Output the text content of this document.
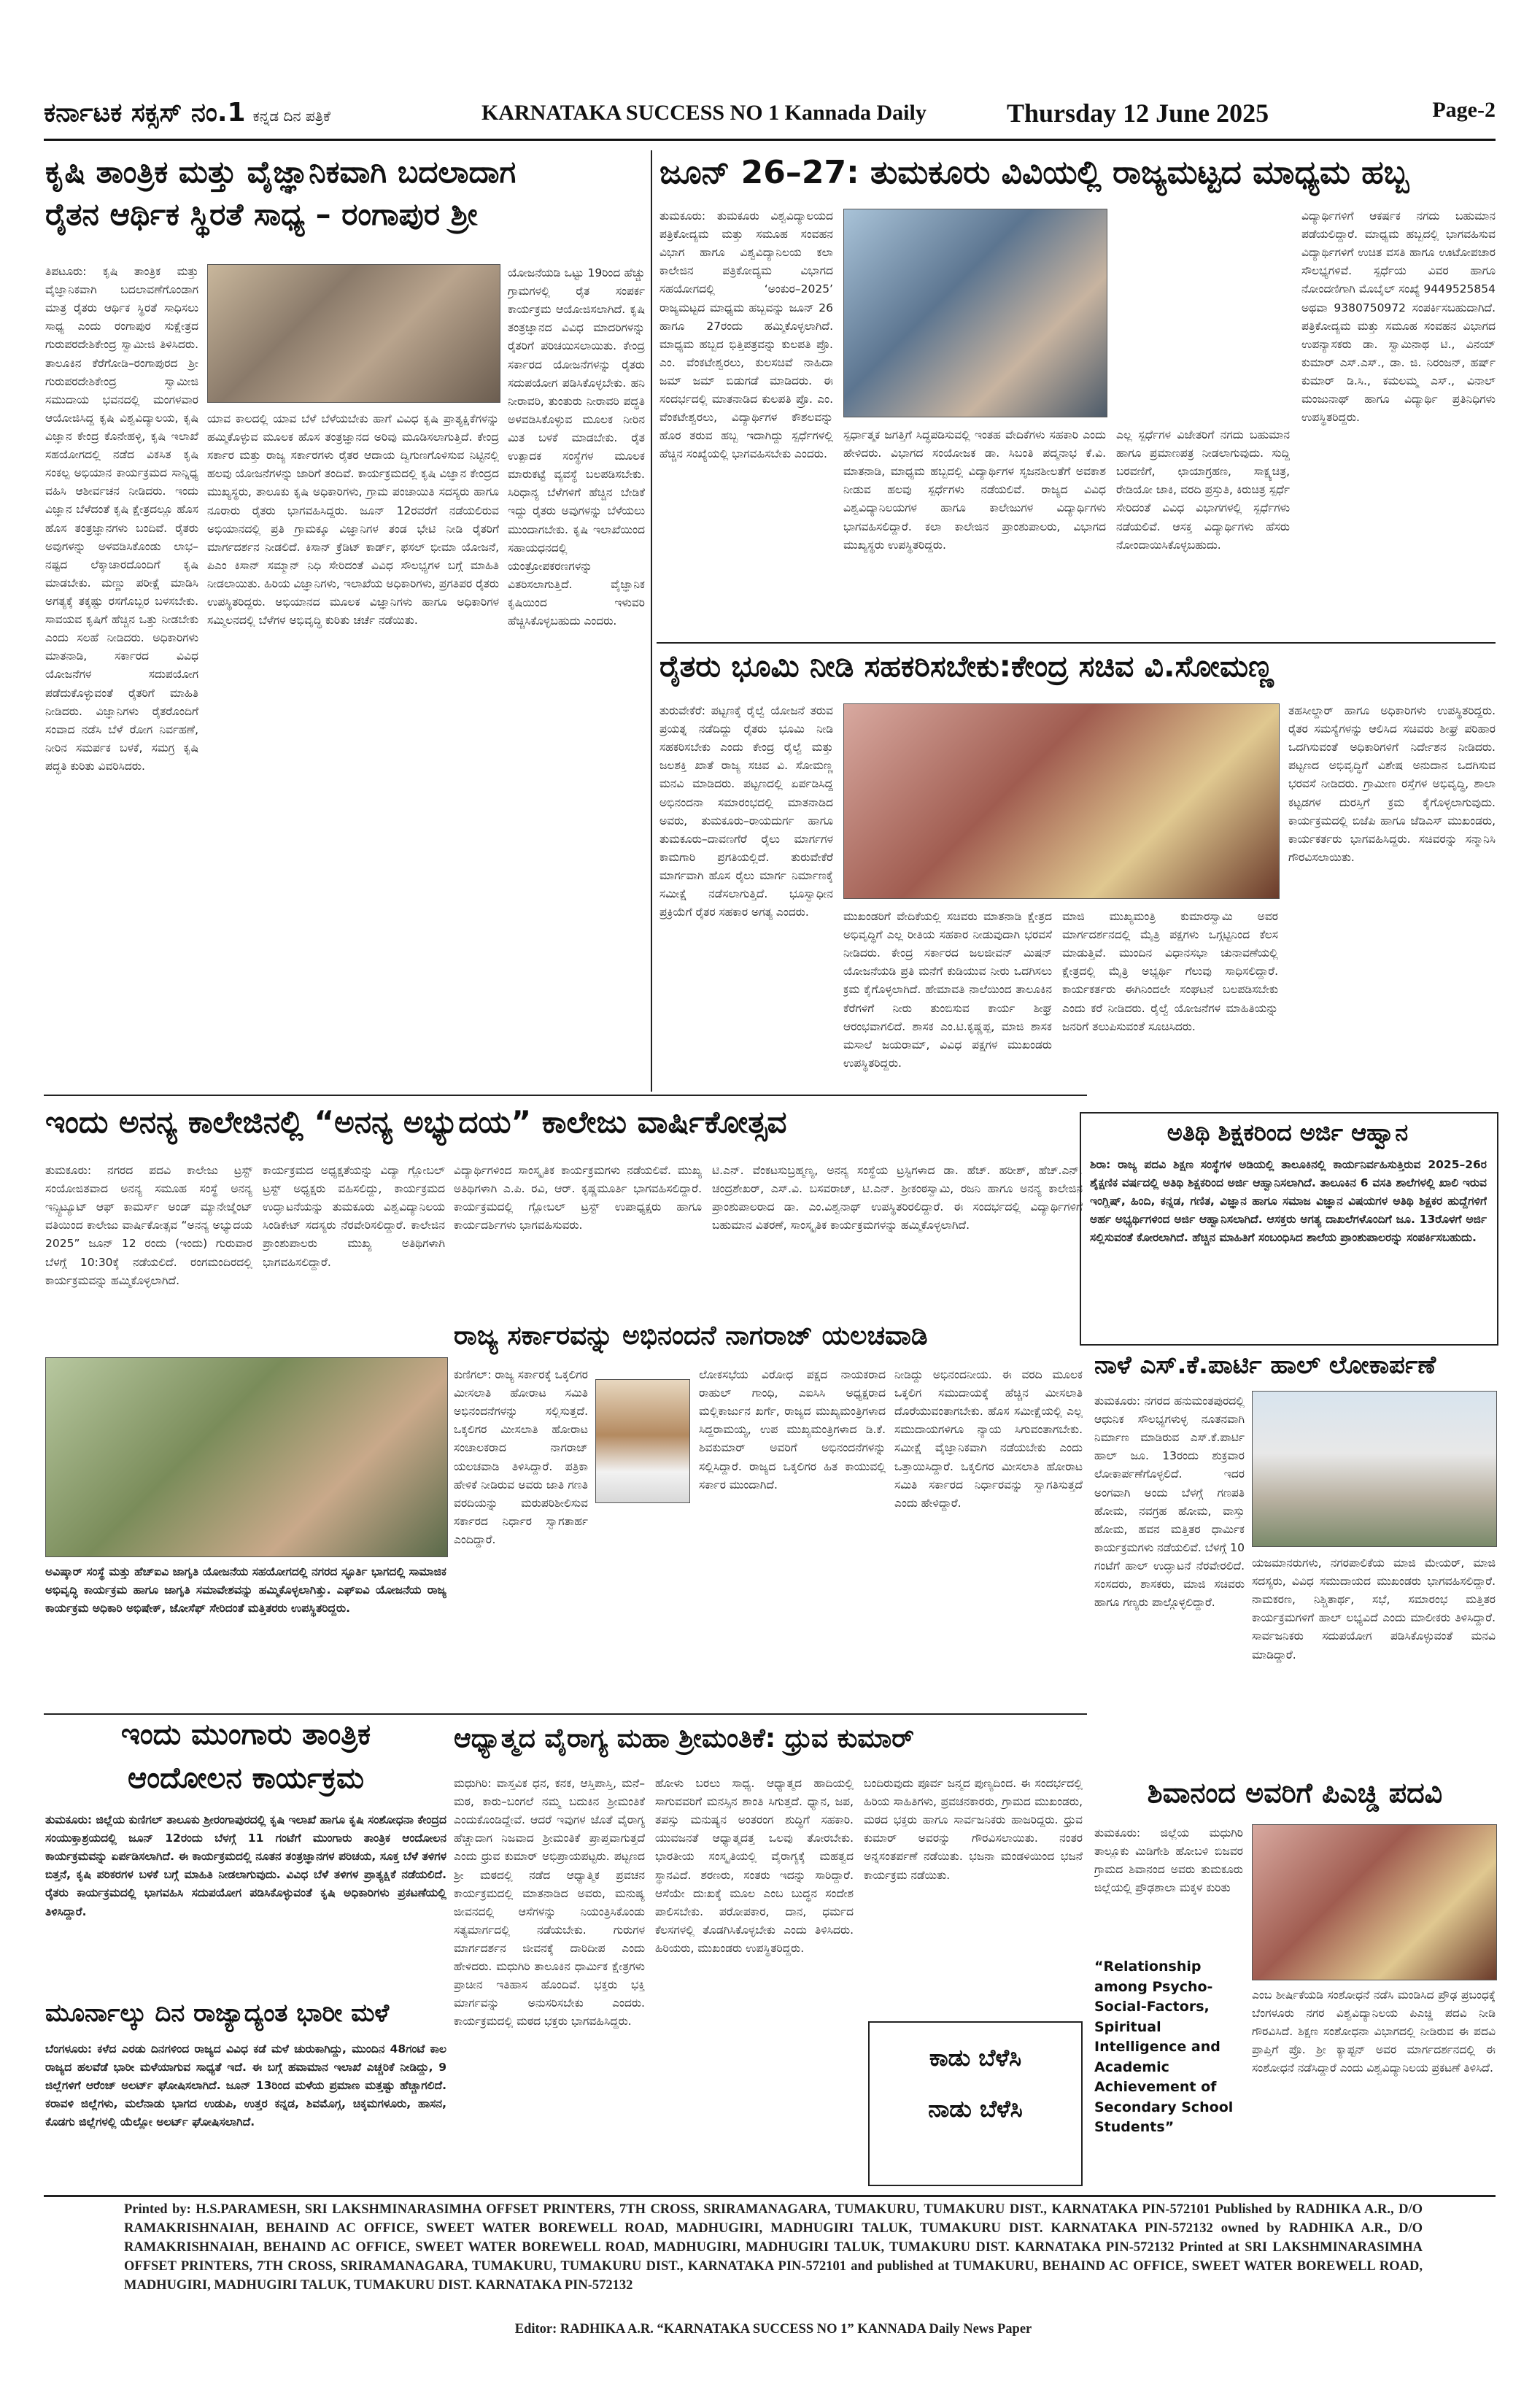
ಕರ್ನಾಟಕ ಸಕ್ಸಸ್ ನಂ.1 ಕನ್ನಡ ದಿನ ಪತ್ರಿಕೆ	KARNATAKA SUCCESS NO 1 Kannada Daily	Thursday 12 June 2025	Page-2
ಕೃಷಿ ತಾಂತ್ರಿಕ ಮತ್ತು ವೈಜ್ಞಾನಿಕವಾಗಿ ಬದಲಾದಾಗ
ರೈತನ ಆರ್ಥಿಕ ಸ್ಥಿರತೆ ಸಾಧ್ಯ – ರಂಗಾಪುರ ಶ್ರೀ
ತಿಪಟೂರು: ಕೃಷಿ ತಾಂತ್ರಿಕ ಮತ್ತು ವೈಜ್ಞಾನಿಕವಾಗಿ ಬದಲಾವಣೆಗೊಂಡಾಗ ಮಾತ್ರ ರೈತರು ಆರ್ಥಿಕ ಸ್ಥಿರತೆ ಸಾಧಿಸಲು ಸಾಧ್ಯ ಎಂದು ರಂಗಾಪುರ ಸುಕ್ಷೇತ್ರದ ಗುರುಪರದೇಶಿಕೇಂದ್ರ ಸ್ವಾಮೀಜಿ ತಿಳಿಸಿದರು. ತಾಲೂಕಿನ ಕೆರೆಗೋಡಿ–ರಂಗಾಪುರದ ಶ್ರೀ ಗುರುಪರದೇಶಿಕೇಂದ್ರ ಸ್ವಾಮೀಜಿ ಸಮುದಾಯ ಭವನದಲ್ಲಿ ಮಂಗಳವಾರ ಆಯೋಜಿಸಿದ್ದ ಕೃಷಿ ವಿಶ್ವವಿದ್ಯಾಲಯ, ಕೃಷಿ ವಿಜ್ಞಾನ ಕೇಂದ್ರ ಕೊನೇಹಳ್ಳಿ, ಕೃಷಿ ಇಲಾಖೆ ಸಹಯೋಗದಲ್ಲಿ ನಡೆದ ವಿಕಸಿತ ಕೃಷಿ ಸಂಕಲ್ಪ ಅಭಿಯಾನ ಕಾರ್ಯಕ್ರಮದ ಸಾನ್ನಿಧ್ಯ ವಹಿಸಿ ಆಶೀರ್ವಚನ ನೀಡಿದರು. ಇಂದು ವಿಜ್ಞಾನ ಬೆಳೆದಂತೆ ಕೃಷಿ ಕ್ಷೇತ್ರದಲ್ಲೂ ಹೊಸ ಹೊಸ ತಂತ್ರಜ್ಞಾನಗಳು ಬಂದಿವೆ. ರೈತರು ಅವುಗಳನ್ನು ಅಳವಡಿಸಿಕೊಂಡು ಲಾಭ–ನಷ್ಟದ ಲೆಕ್ಕಾಚಾರದೊಂದಿಗೆ ಕೃಷಿ ಮಾಡಬೇಕು. ಮಣ್ಣು ಪರೀಕ್ಷೆ ಮಾಡಿಸಿ ಅಗತ್ಯಕ್ಕೆ ತಕ್ಕಷ್ಟು ರಸಗೊಬ್ಬರ ಬಳಸಬೇಕು. ಸಾವಯವ ಕೃಷಿಗೆ ಹೆಚ್ಚಿನ ಒತ್ತು ನೀಡಬೇಕು ಎಂದು ಸಲಹೆ ನೀಡಿದರು. ಅಧಿಕಾರಿಗಳು ಮಾತನಾಡಿ, ಸರ್ಕಾರದ ವಿವಿಧ ಯೋಜನೆಗಳ ಸದುಪಯೋಗ ಪಡೆದುಕೊಳ್ಳುವಂತೆ ರೈತರಿಗೆ ಮಾಹಿತಿ ನೀಡಿದರು. ವಿಜ್ಞಾನಿಗಳು ರೈತರೊಂದಿಗೆ ಸಂವಾದ ನಡೆಸಿ ಬೆಳೆ ರೋಗ ನಿರ್ವಹಣೆ, ನೀರಿನ ಸಮರ್ಪಕ ಬಳಕೆ, ಸಮಗ್ರ ಕೃಷಿ ಪದ್ಧತಿ ಕುರಿತು ವಿವರಿಸಿದರು.
ಯಾವ ಕಾಲದಲ್ಲಿ ಯಾವ ಬೆಳೆ ಬೆಳೆಯಬೇಕು ಹಾಗೆ ವಿವಿಧ ಕೃಷಿ ಪ್ರಾತ್ಯಕ್ಷಿಕೆಗಳನ್ನು ಹಮ್ಮಿಕೊಳ್ಳುವ ಮೂಲಕ ಹೊಸ ತಂತ್ರಜ್ಞಾನದ ಅರಿವು ಮೂಡಿಸಲಾಗುತ್ತಿದೆ. ಕೇಂದ್ರ ಸರ್ಕಾರ ಮತ್ತು ರಾಜ್ಯ ಸರ್ಕಾರಗಳು ರೈತರ ಆದಾಯ ದ್ವಿಗುಣಗೊಳಿಸುವ ನಿಟ್ಟಿನಲ್ಲಿ ಹಲವು ಯೋಜನೆಗಳನ್ನು ಜಾರಿಗೆ ತಂದಿವೆ. ಕಾರ್ಯಕ್ರಮದಲ್ಲಿ ಕೃಷಿ ವಿಜ್ಞಾನ ಕೇಂದ್ರದ ಮುಖ್ಯಸ್ಥರು, ತಾಲೂಕು ಕೃಷಿ ಅಧಿಕಾರಿಗಳು, ಗ್ರಾಮ ಪಂಚಾಯಿತಿ ಸದಸ್ಯರು ಹಾಗೂ ನೂರಾರು ರೈತರು ಭಾಗವಹಿಸಿದ್ದರು. ಜೂನ್ 12ರವರೆಗೆ ನಡೆಯಲಿರುವ ಅಭಿಯಾನದಲ್ಲಿ ಪ್ರತಿ ಗ್ರಾಮಕ್ಕೂ ವಿಜ್ಞಾನಿಗಳ ತಂಡ ಭೇಟಿ ನೀಡಿ ರೈತರಿಗೆ ಮಾರ್ಗದರ್ಶನ ನೀಡಲಿದೆ. ಕಿಸಾನ್ ಕ್ರೆಡಿಟ್ ಕಾರ್ಡ್, ಫಸಲ್ ಭೀಮಾ ಯೋಜನೆ, ಪಿಎಂ ಕಿಸಾನ್ ಸಮ್ಮಾನ್ ನಿಧಿ ಸೇರಿದಂತೆ ವಿವಿಧ ಸೌಲಭ್ಯಗಳ ಬಗ್ಗೆ ಮಾಹಿತಿ ನೀಡಲಾಯಿತು. ಹಿರಿಯ ವಿಜ್ಞಾನಿಗಳು, ಇಲಾಖೆಯ ಅಧಿಕಾರಿಗಳು, ಪ್ರಗತಿಪರ ರೈತರು ಉಪಸ್ಥಿತರಿದ್ದರು. ಅಭಿಯಾನದ ಮೂಲಕ ವಿಜ್ಞಾನಿಗಳು ಹಾಗೂ ಅಧಿಕಾರಿಗಳ ಸಮ್ಮಿಲನದಲ್ಲಿ ಬೆಳೆಗಳ ಅಭಿವೃದ್ಧಿ ಕುರಿತು ಚರ್ಚೆ ನಡೆಯಿತು.
ಯೋಜನೆಯಡಿ ಒಟ್ಟು 19ರಿಂದ ಹೆಚ್ಚು ಗ್ರಾಮಗಳಲ್ಲಿ ರೈತ ಸಂಪರ್ಕ ಕಾರ್ಯಕ್ರಮ ಆಯೋಜಿಸಲಾಗಿದೆ. ಕೃಷಿ ತಂತ್ರಜ್ಞಾನದ ವಿವಿಧ ಮಾದರಿಗಳನ್ನು ರೈತರಿಗೆ ಪರಿಚಯಿಸಲಾಯಿತು. ಕೇಂದ್ರ ಸರ್ಕಾರದ ಯೋಜನೆಗಳನ್ನು ರೈತರು ಸದುಪಯೋಗ ಪಡಿಸಿಕೊಳ್ಳಬೇಕು. ಹನಿ ನೀರಾವರಿ, ತುಂತುರು ನೀರಾವರಿ ಪದ್ಧತಿ ಅಳವಡಿಸಿಕೊಳ್ಳುವ ಮೂಲಕ ನೀರಿನ ಮಿತ ಬಳಕೆ ಮಾಡಬೇಕು. ರೈತ ಉತ್ಪಾದಕ ಸಂಸ್ಥೆಗಳ ಮೂಲಕ ಮಾರುಕಟ್ಟೆ ವ್ಯವಸ್ಥೆ ಬಲಪಡಿಸಬೇಕು. ಸಿರಿಧಾನ್ಯ ಬೆಳೆಗಳಿಗೆ ಹೆಚ್ಚಿನ ಬೇಡಿಕೆ ಇದ್ದು ರೈತರು ಅವುಗಳನ್ನು ಬೆಳೆಯಲು ಮುಂದಾಗಬೇಕು. ಕೃಷಿ ಇಲಾಖೆಯಿಂದ ಸಹಾಯಧನದಲ್ಲಿ ಯಂತ್ರೋಪಕರಣಗಳನ್ನು ವಿತರಿಸಲಾಗುತ್ತಿದೆ. ವೈಜ್ಞಾನಿಕ ಕೃಷಿಯಿಂದ ಇಳುವರಿ ಹೆಚ್ಚಿಸಿಕೊಳ್ಳಬಹುದು ಎಂದರು.
ಜೂನ್ 26–27: ತುಮಕೂರು ವಿವಿಯಲ್ಲಿ ರಾಜ್ಯಮಟ್ಟದ ಮಾಧ್ಯಮ ಹಬ್ಬ
ತುಮಕೂರು: ತುಮಕೂರು ವಿಶ್ವವಿದ್ಯಾಲಯದ ಪತ್ರಿಕೋದ್ಯಮ ಮತ್ತು ಸಮೂಹ ಸಂವಹನ ವಿಭಾಗ ಹಾಗೂ ವಿಶ್ವವಿದ್ಯಾನಿಲಯ ಕಲಾ ಕಾಲೇಜಿನ ಪತ್ರಿಕೋದ್ಯಮ ವಿಭಾಗದ ಸಹಯೋಗದಲ್ಲಿ ‘ಅಂಕುರ–2025’ ರಾಜ್ಯಮಟ್ಟದ ಮಾಧ್ಯಮ ಹಬ್ಬವನ್ನು ಜೂನ್ 26 ಹಾಗೂ 27ರಂದು ಹಮ್ಮಿಕೊಳ್ಳಲಾಗಿದೆ. ಮಾಧ್ಯಮ ಹಬ್ಬದ ಭಿತ್ತಿಪತ್ರವನ್ನು ಕುಲಪತಿ ಪ್ರೊ. ಎಂ. ವೆಂಕಟೇಶ್ವರಲು, ಕುಲಸಚಿವೆ ನಾಹಿದಾ ಜಮ್ ಜಮ್ ಬಿಡುಗಡೆ ಮಾಡಿದರು. ಈ ಸಂದರ್ಭದಲ್ಲಿ ಮಾತನಾಡಿದ ಕುಲಪತಿ ಪ್ರೊ. ಎಂ. ವೆಂಕಟೇಶ್ವರಲು, ವಿದ್ಯಾರ್ಥಿಗಳ ಕೌಶಲವನ್ನು ಹೊರ ತರುವ ಹಬ್ಬ ಇದಾಗಿದ್ದು ಸ್ಪರ್ಧೆಗಳಲ್ಲಿ ಹೆಚ್ಚಿನ ಸಂಖ್ಯೆಯಲ್ಲಿ ಭಾಗವಹಿಸಬೇಕು ಎಂದರು.
ಸ್ಪರ್ಧಾತ್ಮಕ ಜಗತ್ತಿಗೆ ಸಿದ್ಧಪಡಿಸುವಲ್ಲಿ ಇಂತಹ ವೇದಿಕೆಗಳು ಸಹಕಾರಿ ಎಂದು ಹೇಳಿದರು. ವಿಭಾಗದ ಸಂಯೋಜಕ ಡಾ. ಸಿಬಂತಿ ಪದ್ಮನಾಭ ಕೆ.ವಿ. ಮಾತನಾಡಿ, ಮಾಧ್ಯಮ ಹಬ್ಬದಲ್ಲಿ ವಿದ್ಯಾರ್ಥಿಗಳ ಸೃಜನಶೀಲತೆಗೆ ಅವಕಾಶ ನೀಡುವ ಹಲವು ಸ್ಪರ್ಧೆಗಳು ನಡೆಯಲಿವೆ. ರಾಜ್ಯದ ವಿವಿಧ ವಿಶ್ವವಿದ್ಯಾನಿಲಯಗಳ ಹಾಗೂ ಕಾಲೇಜುಗಳ ವಿದ್ಯಾರ್ಥಿಗಳು ಭಾಗವಹಿಸಲಿದ್ದಾರೆ. ಕಲಾ ಕಾಲೇಜಿನ ಪ್ರಾಂಶುಪಾಲರು, ವಿಭಾಗದ ಮುಖ್ಯಸ್ಥರು ಉಪಸ್ಥಿತರಿದ್ದರು.
ಎಲ್ಲ ಸ್ಪರ್ಧೆಗಳ ವಿಜೇತರಿಗೆ ನಗದು ಬಹುಮಾನ ಹಾಗೂ ಪ್ರಮಾಣಪತ್ರ ನೀಡಲಾಗುವುದು. ಸುದ್ದಿ ಬರವಣಿಗೆ, ಛಾಯಾಗ್ರಹಣ, ಸಾಕ್ಷ್ಯಚಿತ್ರ, ರೇಡಿಯೋ ಜಾಕಿ, ವರದಿ ಪ್ರಸ್ತುತಿ, ಕಿರುಚಿತ್ರ ಸ್ಪರ್ಧೆ ಸೇರಿದಂತೆ ವಿವಿಧ ವಿಭಾಗಗಳಲ್ಲಿ ಸ್ಪರ್ಧೆಗಳು ನಡೆಯಲಿವೆ. ಆಸಕ್ತ ವಿದ್ಯಾರ್ಥಿಗಳು ಹೆಸರು ನೋಂದಾಯಿಸಿಕೊಳ್ಳಬಹುದು.
ವಿದ್ಯಾರ್ಥಿಗಳಿಗೆ ಆಕರ್ಷಕ ನಗದು ಬಹುಮಾನ ಪಡೆಯಲಿದ್ದಾರೆ. ಮಾಧ್ಯಮ ಹಬ್ಬದಲ್ಲಿ ಭಾಗವಹಿಸುವ ವಿದ್ಯಾರ್ಥಿಗಳಿಗೆ ಉಚಿತ ವಸತಿ ಹಾಗೂ ಊಟೋಪಚಾರ ಸೌಲಭ್ಯಗಳಿವೆ. ಸ್ಪರ್ಧೆಯ ವಿವರ ಹಾಗೂ ನೋಂದಣಿಗಾಗಿ ಮೊಬೈಲ್ ಸಂಖ್ಯೆ 9449525854 ಅಥವಾ 9380750972 ಸಂಪರ್ಕಿಸಬಹುದಾಗಿದೆ. ಪತ್ರಿಕೋದ್ಯಮ ಮತ್ತು ಸಮೂಹ ಸಂವಹನ ವಿಭಾಗದ ಉಪನ್ಯಾಸಕರು ಡಾ. ಸ್ವಾಮಿನಾಥ ಟಿ., ವಿನಯ್ ಕುಮಾರ್ ಎಸ್.ಎಸ್., ಡಾ. ಜಿ. ನಿರಂಜನ್, ಹರ್ಷ್ ಕುಮಾರ್ ಡಿ.ಸಿ., ಕಮಲಮ್ಮ ಎಸ್., ವಿನಾಲ್ ಮಂಜುನಾಥ್ ಹಾಗೂ ವಿದ್ಯಾರ್ಥಿ ಪ್ರತಿನಿಧಿಗಳು ಉಪಸ್ಥಿತರಿದ್ದರು.
ರೈತರು ಭೂಮಿ ನೀಡಿ ಸಹಕರಿಸಬೇಕು:ಕೇಂದ್ರ ಸಚಿವ ವಿ.ಸೋಮಣ್ಣ
ತುರುವೇಕೆರೆ: ಪಟ್ಟಣಕ್ಕೆ ರೈಲ್ವೆ ಯೋಜನೆ ತರುವ ಪ್ರಯತ್ನ ನಡೆದಿದ್ದು ರೈತರು ಭೂಮಿ ನೀಡಿ ಸಹಕರಿಸಬೇಕು ಎಂದು ಕೇಂದ್ರ ರೈಲ್ವೆ ಮತ್ತು ಜಲಶಕ್ತಿ ಖಾತೆ ರಾಜ್ಯ ಸಚಿವ ವಿ. ಸೋಮಣ್ಣ ಮನವಿ ಮಾಡಿದರು. ಪಟ್ಟಣದಲ್ಲಿ ಏರ್ಪಡಿಸಿದ್ದ ಅಭಿನಂದನಾ ಸಮಾರಂಭದಲ್ಲಿ ಮಾತನಾಡಿದ ಅವರು, ತುಮಕೂರು–ರಾಯದುರ್ಗ ಹಾಗೂ ತುಮಕೂರು–ದಾವಣಗೆರೆ ರೈಲು ಮಾರ್ಗಗಳ ಕಾಮಗಾರಿ ಪ್ರಗತಿಯಲ್ಲಿದೆ. ತುರುವೇಕೆರೆ ಮಾರ್ಗವಾಗಿ ಹೊಸ ರೈಲು ಮಾರ್ಗ ನಿರ್ಮಾಣಕ್ಕೆ ಸಮೀಕ್ಷೆ ನಡೆಸಲಾಗುತ್ತಿದೆ. ಭೂಸ್ವಾಧೀನ ಪ್ರಕ್ರಿಯೆಗೆ ರೈತರ ಸಹಕಾರ ಅಗತ್ಯ ಎಂದರು.	ಮುಖಂಡರಿಗೆ ವೇದಿಕೆಯಲ್ಲಿ ಸಚಿವರು ಮಾತನಾಡಿ ಕ್ಷೇತ್ರದ ಅಭಿವೃದ್ಧಿಗೆ ಎಲ್ಲ ರೀತಿಯ ಸಹಕಾರ ನೀಡುವುದಾಗಿ ಭರವಸೆ ನೀಡಿದರು. ಕೇಂದ್ರ ಸರ್ಕಾರದ ಜಲಜೀವನ್ ಮಿಷನ್ ಯೋಜನೆಯಡಿ ಪ್ರತಿ ಮನೆಗೆ ಕುಡಿಯುವ ನೀರು ಒದಗಿಸಲು ಕ್ರಮ ಕೈಗೊಳ್ಳಲಾಗಿದೆ. ಹೇಮಾವತಿ ನಾಲೆಯಿಂದ ತಾಲೂಕಿನ ಕೆರೆಗಳಿಗೆ ನೀರು ತುಂಬಿಸುವ ಕಾರ್ಯ ಶೀಘ್ರ ಆರಂಭವಾಗಲಿದೆ. ಶಾಸಕ ಎಂ.ಟಿ.ಕೃಷ್ಣಪ್ಪ, ಮಾಜಿ ಶಾಸಕ ಮಸಾಲೆ ಜಯರಾಮ್, ವಿವಿಧ ಪಕ್ಷಗಳ ಮುಖಂಡರು ಉಪಸ್ಥಿತರಿದ್ದರು.
ಮಾಜಿ ಮುಖ್ಯಮಂತ್ರಿ ಕುಮಾರಸ್ವಾಮಿ ಅವರ ಮಾರ್ಗದರ್ಶನದಲ್ಲಿ ಮೈತ್ರಿ ಪಕ್ಷಗಳು ಒಗ್ಗಟ್ಟಿನಿಂದ ಕೆಲಸ ಮಾಡುತ್ತಿವೆ. ಮುಂದಿನ ವಿಧಾನಸಭಾ ಚುನಾವಣೆಯಲ್ಲಿ ಕ್ಷೇತ್ರದಲ್ಲಿ ಮೈತ್ರಿ ಅಭ್ಯರ್ಥಿ ಗೆಲುವು ಸಾಧಿಸಲಿದ್ದಾರೆ. ಕಾರ್ಯಕರ್ತರು ಈಗಿನಿಂದಲೇ ಸಂಘಟನೆ ಬಲಪಡಿಸಬೇಕು ಎಂದು ಕರೆ ನೀಡಿದರು. ರೈಲ್ವೆ ಯೋಜನೆಗಳ ಮಾಹಿತಿಯನ್ನು ಜನರಿಗೆ ತಲುಪಿಸುವಂತೆ ಸೂಚಿಸಿದರು.
ತಹಸೀಲ್ದಾರ್ ಹಾಗೂ ಅಧಿಕಾರಿಗಳು ಉಪಸ್ಥಿತರಿದ್ದರು. ರೈತರ ಸಮಸ್ಯೆಗಳನ್ನು ಆಲಿಸಿದ ಸಚಿವರು ಶೀಘ್ರ ಪರಿಹಾರ ಒದಗಿಸುವಂತೆ ಅಧಿಕಾರಿಗಳಿಗೆ ನಿರ್ದೇಶನ ನೀಡಿದರು. ಪಟ್ಟಣದ ಅಭಿವೃದ್ಧಿಗೆ ವಿಶೇಷ ಅನುದಾನ ಒದಗಿಸುವ ಭರವಸೆ ನೀಡಿದರು. ಗ್ರಾಮೀಣ ರಸ್ತೆಗಳ ಅಭಿವೃದ್ಧಿ, ಶಾಲಾ ಕಟ್ಟಡಗಳ ದುರಸ್ತಿಗೆ ಕ್ರಮ ಕೈಗೊಳ್ಳಲಾಗುವುದು. ಕಾರ್ಯಕ್ರಮದಲ್ಲಿ ಬಿಜೆಪಿ ಹಾಗೂ ಜೆಡಿಎಸ್ ಮುಖಂಡರು, ಕಾರ್ಯಕರ್ತರು ಭಾಗವಹಿಸಿದ್ದರು. ಸಚಿವರನ್ನು ಸನ್ಮಾನಿಸಿ ಗೌರವಿಸಲಾಯಿತು.
ಇಂದು ಅನನ್ಯ ಕಾಲೇಜಿನಲ್ಲಿ “ಅನನ್ಯ ಅಭ್ಯುದಯ” ಕಾಲೇಜು ವಾರ್ಷಿಕೋತ್ಸವ
ತುಮಕೂರು: ನಗರದ ಪದವಿ ಕಾಲೇಜು ಟ್ರಸ್ಟ್ ಸಂಯೋಜಿತವಾದ ಅನನ್ಯ ಸಮೂಹ ಸಂಸ್ಥೆ ಅನನ್ಯ ಇನ್ಸ್ಟಿಟ್ಯೂಟ್ ಆಫ್ ಕಾಮರ್ಸ್ ಅಂಡ್ ಮ್ಯಾನೇಜ್ಮೆಂಟ್ ವತಿಯಿಂದ ಕಾಲೇಜು ವಾರ್ಷಿಕೋತ್ಸವ “ಅನನ್ಯ ಅಭ್ಯುದಯ 2025” ಜೂನ್ 12 ರಂದು (ಇಂದು) ಗುರುವಾರ ಬೆಳಗ್ಗೆ 10:30ಕ್ಕೆ ನಡೆಯಲಿದೆ. ರಂಗಮಂದಿರದಲ್ಲಿ ಕಾರ್ಯಕ್ರಮವನ್ನು ಹಮ್ಮಿಕೊಳ್ಳಲಾಗಿದೆ.
ಕಾರ್ಯಕ್ರಮದ ಅಧ್ಯಕ್ಷತೆಯನ್ನು ವಿದ್ಯಾ ಗ್ಲೋಬಲ್ ಟ್ರಸ್ಟ್ ಅಧ್ಯಕ್ಷರು ವಹಿಸಲಿದ್ದು, ಕಾರ್ಯಕ್ರಮದ ಉದ್ಘಾಟನೆಯನ್ನು ತುಮಕೂರು ವಿಶ್ವವಿದ್ಯಾನಿಲಯ ಸಿಂಡಿಕೇಟ್ ಸದಸ್ಯರು ನೆರವೇರಿಸಲಿದ್ದಾರೆ. ಕಾಲೇಜಿನ ಪ್ರಾಂಶುಪಾಲರು ಮುಖ್ಯ ಅತಿಥಿಗಳಾಗಿ ಭಾಗವಹಿಸಲಿದ್ದಾರೆ.
ವಿದ್ಯಾರ್ಥಿಗಳಿಂದ ಸಾಂಸ್ಕೃತಿಕ ಕಾರ್ಯಕ್ರಮಗಳು ನಡೆಯಲಿವೆ. ಮುಖ್ಯ ಅತಿಥಿಗಳಾಗಿ ಎ.ಪಿ. ರವಿ, ಆರ್. ಕೃಷ್ಣಮೂರ್ತಿ ಭಾಗವಹಿಸಲಿದ್ದಾರೆ. ಕಾರ್ಯಕ್ರಮದಲ್ಲಿ ಗ್ಲೋಬಲ್ ಟ್ರಸ್ಟ್ ಉಪಾಧ್ಯಕ್ಷರು ಹಾಗೂ ಕಾರ್ಯದರ್ಶಿಗಳು ಭಾಗವಹಿಸುವರು.
ಟಿ.ಎನ್. ವೆಂಕಟಸುಬ್ರಹ್ಮಣ್ಯ, ಅನನ್ಯ ಸಂಸ್ಥೆಯ ಟ್ರಸ್ಟಿಗಳಾದ ಡಾ. ಹೆಚ್. ಹರೀಶ್, ಹೆಚ್.ಎನ್. ಚಂದ್ರಶೇಖರ್, ಎಸ್.ವಿ. ಬಸವರಾಜ್, ಟಿ.ಎನ್. ಶ್ರೀಕಂಠಸ್ವಾಮಿ, ರಜನಿ ಹಾಗೂ ಅನನ್ಯ ಕಾಲೇಜಿನ ಪ್ರಾಂಶುಪಾಲರಾದ ಡಾ. ಎಂ.ವಿಶ್ವನಾಥ್ ಉಪಸ್ಥಿತರಿರಲಿದ್ದಾರೆ. ಈ ಸಂದರ್ಭದಲ್ಲಿ ವಿದ್ಯಾರ್ಥಿಗಳಿಗೆ ಬಹುಮಾನ ವಿತರಣೆ, ಸಾಂಸ್ಕೃತಿಕ ಕಾರ್ಯಕ್ರಮಗಳನ್ನು ಹಮ್ಮಿಕೊಳ್ಳಲಾಗಿದೆ.
ಅವಿಷ್ಕಾರ್ ಸಂಸ್ಥೆ ಮತ್ತು ಹೆಚ್ಐವಿ ಜಾಗೃತಿ ಯೋಜನೆಯ ಸಹಯೋಗದಲ್ಲಿ ನಗರದ ಸ್ಫೂರ್ತಿ ಭಾಗದಲ್ಲಿ ಸಾಮಾಜಿಕ ಅಭಿವೃದ್ಧಿ ಕಾರ್ಯಕ್ರಮ ಹಾಗೂ ಜಾಗೃತಿ ಸಮಾವೇಶವನ್ನು ಹಮ್ಮಿಕೊಳ್ಳಲಾಗಿತ್ತು. ಎಫ್ಐವಿ ಯೋಜನೆಯ ರಾಜ್ಯ ಕಾರ್ಯಕ್ರಮ ಅಧಿಕಾರಿ ಅಭಿಷೇಕ್, ಜೋಸೆಫ್ ಸೇರಿದಂತೆ ಮತ್ತಿತರರು ಉಪಸ್ಥಿತರಿದ್ದರು.
ರಾಜ್ಯ ಸರ್ಕಾರವನ್ನು ಅಭಿನಂದನೆ ನಾಗರಾಜ್ ಯಲಚವಾಡಿ
ಕುಣಿಗಲ್: ರಾಜ್ಯ ಸರ್ಕಾರಕ್ಕೆ ಒಕ್ಕಲಿಗರ ಮೀಸಲಾತಿ ಹೋರಾಟ ಸಮಿತಿ ಅಭಿನಂದನೆಗಳನ್ನು ಸಲ್ಲಿಸುತ್ತದೆ. ಒಕ್ಕಲಿಗರ ಮೀಸಲಾತಿ ಹೋರಾಟ ಸಂಚಾಲಕರಾದ ನಾಗರಾಜ್ ಯಲಚವಾಡಿ ತಿಳಿಸಿದ್ದಾರೆ. ಪತ್ರಿಕಾ ಹೇಳಿಕೆ ನೀಡಿರುವ ಅವರು ಜಾತಿ ಗಣತಿ ವರದಿಯನ್ನು ಮರುಪರಿಶೀಲಿಸುವ ಸರ್ಕಾರದ ನಿರ್ಧಾರ ಸ್ವಾಗತಾರ್ಹ ಎಂದಿದ್ದಾರೆ.
ಲೋಕಸಭೆಯ ವಿರೋಧ ಪಕ್ಷದ ನಾಯಕರಾದ ರಾಹುಲ್ ಗಾಂಧಿ, ಎಐಸಿಸಿ ಅಧ್ಯಕ್ಷರಾದ ಮಲ್ಲಿಕಾರ್ಜುನ ಖರ್ಗೆ, ರಾಜ್ಯದ ಮುಖ್ಯಮಂತ್ರಿಗಳಾದ ಸಿದ್ದರಾಮಯ್ಯ, ಉಪ ಮುಖ್ಯಮಂತ್ರಿಗಳಾದ ಡಿ.ಕೆ. ಶಿವಕುಮಾರ್ ಅವರಿಗೆ ಅಭಿನಂದನೆಗಳನ್ನು ಸಲ್ಲಿಸಿದ್ದಾರೆ. ರಾಜ್ಯದ ಒಕ್ಕಲಿಗರ ಹಿತ ಕಾಯುವಲ್ಲಿ ಸರ್ಕಾರ ಮುಂದಾಗಿದೆ.
ನೀಡಿದ್ದು ಅಭಿನಂದನೀಯ. ಈ ವರದಿ ಮೂಲಕ ಒಕ್ಕಲಿಗ ಸಮುದಾಯಕ್ಕೆ ಹೆಚ್ಚಿನ ಮೀಸಲಾತಿ ದೊರೆಯುವಂತಾಗಬೇಕು. ಹೊಸ ಸಮೀಕ್ಷೆಯಲ್ಲಿ ಎಲ್ಲ ಸಮುದಾಯಗಳಿಗೂ ನ್ಯಾಯ ಸಿಗುವಂತಾಗಬೇಕು. ಸಮೀಕ್ಷೆ ವೈಜ್ಞಾನಿಕವಾಗಿ ನಡೆಯಬೇಕು ಎಂದು ಒತ್ತಾಯಿಸಿದ್ದಾರೆ. ಒಕ್ಕಲಿಗರ ಮೀಸಲಾತಿ ಹೋರಾಟ ಸಮಿತಿ ಸರ್ಕಾರದ ನಿರ್ಧಾರವನ್ನು ಸ್ವಾಗತಿಸುತ್ತದೆ ಎಂದು ಹೇಳಿದ್ದಾರೆ.
ಅತಿಥಿ ಶಿಕ್ಷಕರಿಂದ ಅರ್ಜಿ ಆಹ್ವಾನ
ಶಿರಾ: ರಾಜ್ಯ ಪದವಿ ಶಿಕ್ಷಣ ಸಂಸ್ಥೆಗಳ ಅಡಿಯಲ್ಲಿ ತಾಲೂಕಿನಲ್ಲಿ ಕಾರ್ಯನಿರ್ವಹಿಸುತ್ತಿರುವ 2025–26ರ ಶೈಕ್ಷಣಿಕ ವರ್ಷದಲ್ಲಿ ಅತಿಥಿ ಶಿಕ್ಷಕರಿಂದ ಅರ್ಜಿ ಆಹ್ವಾನಿಸಲಾಗಿದೆ. ತಾಲೂಕಿನ 6 ವಸತಿ ಶಾಲೆಗಳಲ್ಲಿ ಖಾಲಿ ಇರುವ ಇಂಗ್ಲಿಷ್, ಹಿಂದಿ, ಕನ್ನಡ, ಗಣಿತ, ವಿಜ್ಞಾನ ಹಾಗೂ ಸಮಾಜ ವಿಜ್ಞಾನ ವಿಷಯಗಳ ಅತಿಥಿ ಶಿಕ್ಷಕರ ಹುದ್ದೆಗಳಿಗೆ ಅರ್ಹ ಅಭ್ಯರ್ಥಿಗಳಿಂದ ಅರ್ಜಿ ಆಹ್ವಾನಿಸಲಾಗಿದೆ. ಆಸಕ್ತರು ಅಗತ್ಯ ದಾಖಲೆಗಳೊಂದಿಗೆ ಜೂ. 13ರೊಳಗೆ ಅರ್ಜಿ ಸಲ್ಲಿಸುವಂತೆ ಕೋರಲಾಗಿದೆ. ಹೆಚ್ಚಿನ ಮಾಹಿತಿಗೆ ಸಂಬಂಧಿಸಿದ ಶಾಲೆಯ ಪ್ರಾಂಶುಪಾಲರನ್ನು ಸಂಪರ್ಕಿಸಬಹುದು.
ನಾಳೆ ಎಸ್.ಕೆ.ಪಾರ್ಟಿ ಹಾಲ್ ಲೋಕಾರ್ಪಣೆ
ತುಮಕೂರು: ನಗರದ ಹನುಮಂತಪುರದಲ್ಲಿ ಆಧುನಿಕ ಸೌಲಭ್ಯಗಳುಳ್ಳ ನೂತನವಾಗಿ ನಿರ್ಮಾಣ ಮಾಡಿರುವ ಎಸ್.ಕೆ.ಪಾರ್ಟಿ ಹಾಲ್ ಜೂ. 13ರಂದು ಶುಕ್ರವಾರ ಲೋಕಾರ್ಪಣೆಗೊಳ್ಳಲಿದೆ. ಇದರ ಅಂಗವಾಗಿ ಅಂದು ಬೆಳಗ್ಗೆ ಗಣಪತಿ ಹೋಮ, ನವಗ್ರಹ ಹೋಮ, ವಾಸ್ತು ಹೋಮ, ಹವನ ಮತ್ತಿತರ ಧಾರ್ಮಿಕ ಕಾರ್ಯಕ್ರಮಗಳು ನಡೆಯಲಿವೆ. ಬೆಳಗ್ಗೆ 10 ಗಂಟೆಗೆ ಹಾಲ್ ಉದ್ಘಾಟನೆ ನೆರವೇರಲಿದೆ. ಸಂಸದರು, ಶಾಸಕರು, ಮಾಜಿ ಸಚಿವರು ಹಾಗೂ ಗಣ್ಯರು ಪಾಲ್ಗೊಳ್ಳಲಿದ್ದಾರೆ.
ಯಜಮಾನರುಗಳು, ನಗರಪಾಲಿಕೆಯ ಮಾಜಿ ಮೇಯರ್, ಮಾಜಿ ಸದಸ್ಯರು, ವಿವಿಧ ಸಮುದಾಯದ ಮುಖಂಡರು ಭಾಗವಹಿಸಲಿದ್ದಾರೆ. ನಾಮಕರಣ, ನಿಶ್ಚಿತಾರ್ಥ, ಸಭೆ, ಸಮಾರಂಭ ಮತ್ತಿತರ ಕಾರ್ಯಕ್ರಮಗಳಿಗೆ ಹಾಲ್ ಲಭ್ಯವಿದೆ ಎಂದು ಮಾಲೀಕರು ತಿಳಿಸಿದ್ದಾರೆ. ಸಾರ್ವಜನಿಕರು ಸದುಪಯೋಗ ಪಡಿಸಿಕೊಳ್ಳುವಂತೆ ಮನವಿ ಮಾಡಿದ್ದಾರೆ.
ಇಂದು ಮುಂಗಾರು ತಾಂತ್ರಿಕ
ಆಂದೋಲನ ಕಾರ್ಯಕ್ರಮ
ತುಮಕೂರು: ಜಿಲ್ಲೆಯ ಕುಣಿಗಲ್ ತಾಲೂಕು ಶ್ರೀರಂಗಾಪುರದಲ್ಲಿ ಕೃಷಿ ಇಲಾಖೆ ಹಾಗೂ ಕೃಷಿ ಸಂಶೋಧನಾ ಕೇಂದ್ರದ ಸಂಯುಕ್ತಾಶ್ರಯದಲ್ಲಿ ಜೂನ್ 12ರಂದು ಬೆಳಗ್ಗೆ 11 ಗಂಟೆಗೆ ಮುಂಗಾರು ತಾಂತ್ರಿಕ ಆಂದೋಲನ ಕಾರ್ಯಕ್ರಮವನ್ನು ಏರ್ಪಡಿಸಲಾಗಿದೆ. ಈ ಕಾರ್ಯಕ್ರಮದಲ್ಲಿ ನೂತನ ತಂತ್ರಜ್ಞಾನಗಳ ಪರಿಚಯ, ಸೂಕ್ತ ಬೆಳೆ ತಳಿಗಳ ಬಿತ್ತನೆ, ಕೃಷಿ ಪರಿಕರಗಳ ಬಳಕೆ ಬಗ್ಗೆ ಮಾಹಿತಿ ನೀಡಲಾಗುವುದು. ವಿವಿಧ ಬೆಳೆ ತಳಿಗಳ ಪ್ರಾತ್ಯಕ್ಷಿಕೆ ನಡೆಯಲಿದೆ. ರೈತರು ಕಾರ್ಯಕ್ರಮದಲ್ಲಿ ಭಾಗವಹಿಸಿ ಸದುಪಯೋಗ ಪಡಿಸಿಕೊಳ್ಳುವಂತೆ ಕೃಷಿ ಅಧಿಕಾರಿಗಳು ಪ್ರಕಟಣೆಯಲ್ಲಿ ತಿಳಿಸಿದ್ದಾರೆ.
ಮೂರ್ನಾಲ್ಕು ದಿನ ರಾಜ್ಯಾದ್ಯಂತ ಭಾರೀ ಮಳೆ
ಬೆಂಗಳೂರು: ಕಳೆದ ಎರಡು ದಿನಗಳಿಂದ ರಾಜ್ಯದ ವಿವಿಧ ಕಡೆ ಮಳೆ ಚುರುಕಾಗಿದ್ದು, ಮುಂದಿನ 48ಗಂಟೆ ಕಾಲ ರಾಜ್ಯದ ಹಲವೆಡೆ ಭಾರೀ ಮಳೆಯಾಗುವ ಸಾಧ್ಯತೆ ಇದೆ. ಈ ಬಗ್ಗೆ ಹವಾಮಾನ ಇಲಾಖೆ ಎಚ್ಚರಿಕೆ ನೀಡಿದ್ದು, 9 ಜಿಲ್ಲೆಗಳಿಗೆ ಆರೆಂಜ್ ಅಲರ್ಟ್ ಘೋಷಿಸಲಾಗಿದೆ. ಜೂನ್ 13ರಿಂದ ಮಳೆಯ ಪ್ರಮಾಣ ಮತ್ತಷ್ಟು ಹೆಚ್ಚಾಗಲಿದೆ. ಕರಾವಳಿ ಜಿಲ್ಲೆಗಳು, ಮಲೆನಾಡು ಭಾಗದ ಉಡುಪಿ, ಉತ್ತರ ಕನ್ನಡ, ಶಿವಮೊಗ್ಗ, ಚಿಕ್ಕಮಗಳೂರು, ಹಾಸನ, ಕೊಡಗು ಜಿಲ್ಲೆಗಳಲ್ಲಿ ಯೆಲ್ಲೋ ಅಲರ್ಟ್ ಘೋಷಿಸಲಾಗಿದೆ.
ಆಧ್ಯಾತ್ಮದ ವೈರಾಗ್ಯ ಮಹಾ ಶ್ರೀಮಂತಿಕೆ: ಧ್ರುವ ಕುಮಾರ್
ಮಧುಗಿರಿ: ವಾಸ್ತವಿಕ ಧನ, ಕನಕ, ಆಸ್ತಿಪಾಸ್ತಿ, ಮನೆ–ಮಠ, ಕಾರು–ಬಂಗಲೆ ನಮ್ಮ ಬದುಕಿನ ಶ್ರೀಮಂತಿಕೆ ಎಂದುಕೊಂಡಿದ್ದೇವೆ. ಆದರೆ ಇವುಗಳ ಜೊತೆ ವೈರಾಗ್ಯ ಹೆಚ್ಚಾದಾಗ ನಿಜವಾದ ಶ್ರೀಮಂತಿಕೆ ಪ್ರಾಪ್ತವಾಗುತ್ತದೆ ಎಂದು ಧ್ರುವ ಕುಮಾರ್ ಅಭಿಪ್ರಾಯಪಟ್ಟರು. ಪಟ್ಟಣದ ಶ್ರೀ ಮಠದಲ್ಲಿ ನಡೆದ ಆಧ್ಯಾತ್ಮಿಕ ಪ್ರವಚನ ಕಾರ್ಯಕ್ರಮದಲ್ಲಿ ಮಾತನಾಡಿದ ಅವರು, ಮನುಷ್ಯ ಜೀವನದಲ್ಲಿ ಆಸೆಗಳನ್ನು ನಿಯಂತ್ರಿಸಿಕೊಂಡು ಸತ್ಯಮಾರ್ಗದಲ್ಲಿ ನಡೆಯಬೇಕು. ಗುರುಗಳ ಮಾರ್ಗದರ್ಶನ ಜೀವನಕ್ಕೆ ದಾರಿದೀಪ ಎಂದು ಹೇಳಿದರು. ಮಧುಗಿರಿ ತಾಲೂಕಿನ ಧಾರ್ಮಿಕ ಕ್ಷೇತ್ರಗಳು ಪ್ರಾಚೀನ ಇತಿಹಾಸ ಹೊಂದಿವೆ. ಭಕ್ತರು ಭಕ್ತಿ ಮಾರ್ಗವನ್ನು ಅನುಸರಿಸಬೇಕು ಎಂದರು. ಕಾರ್ಯಕ್ರಮದಲ್ಲಿ ಮಠದ ಭಕ್ತರು ಭಾಗವಹಿಸಿದ್ದರು.
ಹೋಳು ಬರಲು ಸಾಧ್ಯ. ಆಧ್ಯಾತ್ಮದ ಹಾದಿಯಲ್ಲಿ ಸಾಗುವವರಿಗೆ ಮನಸ್ಸಿನ ಶಾಂತಿ ಸಿಗುತ್ತದೆ. ಧ್ಯಾನ, ಜಪ, ತಪಸ್ಸು ಮನುಷ್ಯನ ಅಂತರಂಗ ಶುದ್ಧಿಗೆ ಸಹಕಾರಿ. ಯುವಜನತೆ ಆಧ್ಯಾತ್ಮದತ್ತ ಒಲವು ತೋರಬೇಕು. ಭಾರತೀಯ ಸಂಸ್ಕೃತಿಯಲ್ಲಿ ವೈರಾಗ್ಯಕ್ಕೆ ಮಹತ್ವದ ಸ್ಥಾನವಿದೆ. ಶರಣರು, ಸಂತರು ಇದನ್ನು ಸಾರಿದ್ದಾರೆ. ಆಸೆಯೇ ದುಃಖಕ್ಕೆ ಮೂಲ ಎಂಬ ಬುದ್ಧನ ಸಂದೇಶ ಪಾಲಿಸಬೇಕು. ಪರೋಪಕಾರ, ದಾನ, ಧರ್ಮದ ಕೆಲಸಗಳಲ್ಲಿ ತೊಡಗಿಸಿಕೊಳ್ಳಬೇಕು ಎಂದು ತಿಳಿಸಿದರು. ಹಿರಿಯರು, ಮುಖಂಡರು ಉಪಸ್ಥಿತರಿದ್ದರು.
ಬಂದಿರುವುದು ಪೂರ್ವ ಜನ್ಮದ ಪುಣ್ಯದಿಂದ. ಈ ಸಂದರ್ಭದಲ್ಲಿ ಹಿರಿಯ ಸಾಹಿತಿಗಳು, ಪ್ರವಚನಕಾರರು, ಗ್ರಾಮದ ಮುಖಂಡರು, ಮಠದ ಭಕ್ತರು ಹಾಗೂ ಸಾರ್ವಜನಿಕರು ಹಾಜರಿದ್ದರು. ಧ್ರುವ ಕುಮಾರ್ ಅವರನ್ನು ಗೌರವಿಸಲಾಯಿತು. ನಂತರ ಅನ್ನಸಂತರ್ಪಣೆ ನಡೆಯಿತು. ಭಜನಾ ಮಂಡಳಿಯಿಂದ ಭಜನೆ ಕಾರ್ಯಕ್ರಮ ನಡೆಯಿತು.
ಕಾಡು ಬೆಳೆಸಿ
ನಾಡು ಬೆಳೆಸಿ
ಶಿವಾನಂದ ಅವರಿಗೆ ಪಿಎಚ್ಡಿ ಪದವಿ
ತುಮಕೂರು: ಜಿಲ್ಲೆಯ ಮಧುಗಿರಿ ತಾಲ್ಲೂಕು ಮಿಡಿಗೇಶಿ ಹೋಬಳಿ ಬಿಜವರ ಗ್ರಾಮದ ಶಿವಾನಂದ ಅವರು ತುಮಕೂರು ಜಿಲ್ಲೆಯಲ್ಲಿ ಪ್ರೌಢಶಾಲಾ ಮಕ್ಕಳ ಕುರಿತು
“Relationship among Psycho-Social-Factors, Spiritual Intelligence and Academic Achievement of Secondary School Students”
ಎಂಬ ಶೀರ್ಷಿಕೆಯಡಿ ಸಂಶೋಧನೆ ನಡೆಸಿ ಮಂಡಿಸಿದ ಪ್ರೌಢ ಪ್ರಬಂಧಕ್ಕೆ ಬೆಂಗಳೂರು ನಗರ ವಿಶ್ವವಿದ್ಯಾನಿಲಯ ಪಿಎಚ್ಡಿ ಪದವಿ ನೀಡಿ ಗೌರವಿಸಿದೆ. ಶಿಕ್ಷಣ ಸಂಶೋಧನಾ ವಿಭಾಗದಲ್ಲಿ ನೀಡಿರುವ ಈ ಪದವಿ ಪ್ರಾಪ್ತಿಗೆ ಪ್ರೊ. ಶ್ರೀ ಕ್ಯಾಪ್ಟನ್ ಅವರ ಮಾರ್ಗದರ್ಶನದಲ್ಲಿ ಈ ಸಂಶೋಧನೆ ನಡೆಸಿದ್ದಾರೆ ಎಂದು ವಿಶ್ವವಿದ್ಯಾನಿಲಯ ಪ್ರಕಟಣೆ ತಿಳಿಸಿದೆ.
Printed by: H.S.PARAMESH, SRI LAKSHMINARASIMHA OFFSET PRINTERS, 7TH CROSS, SRIRAMANAGARA, TUMAKURU, TUMAKURU DIST., KARNATAKA PIN-572101 Published by RADHIKA A.R., D/O RAMAKRISHNAIAH, BEHAIND AC OFFICE, SWEET WATER BOREWELL ROAD, MADHUGIRI, MADHUGIRI TALUK, TUMAKURU DIST. KARNATAKA PIN-572132 owned by RADHIKA A.R., D/O RAMAKRISHNAIAH, BEHAIND AC OFFICE, SWEET WATER BOREWELL ROAD, MADHUGIRI, MADHUGIRI TALUK, TUMAKURU DIST. KARNATAKA PIN-572132 Printed at SRI LAKSHMINARASIMHA OFFSET PRINTERS, 7TH CROSS, SRIRAMANAGARA, TUMAKURU, TUMAKURU DIST., KARNATAKA PIN-572101 and published at TUMAKURU, BEHAIND AC OFFICE, SWEET WATER BOREWELL ROAD, MADHUGIRI, MADHUGIRI TALUK, TUMAKURU DIST. KARNATAKA PIN-572132
Editor: RADHIKA A.R. “KARNATAKA SUCCESS NO 1” KANNADA Daily News Paper
